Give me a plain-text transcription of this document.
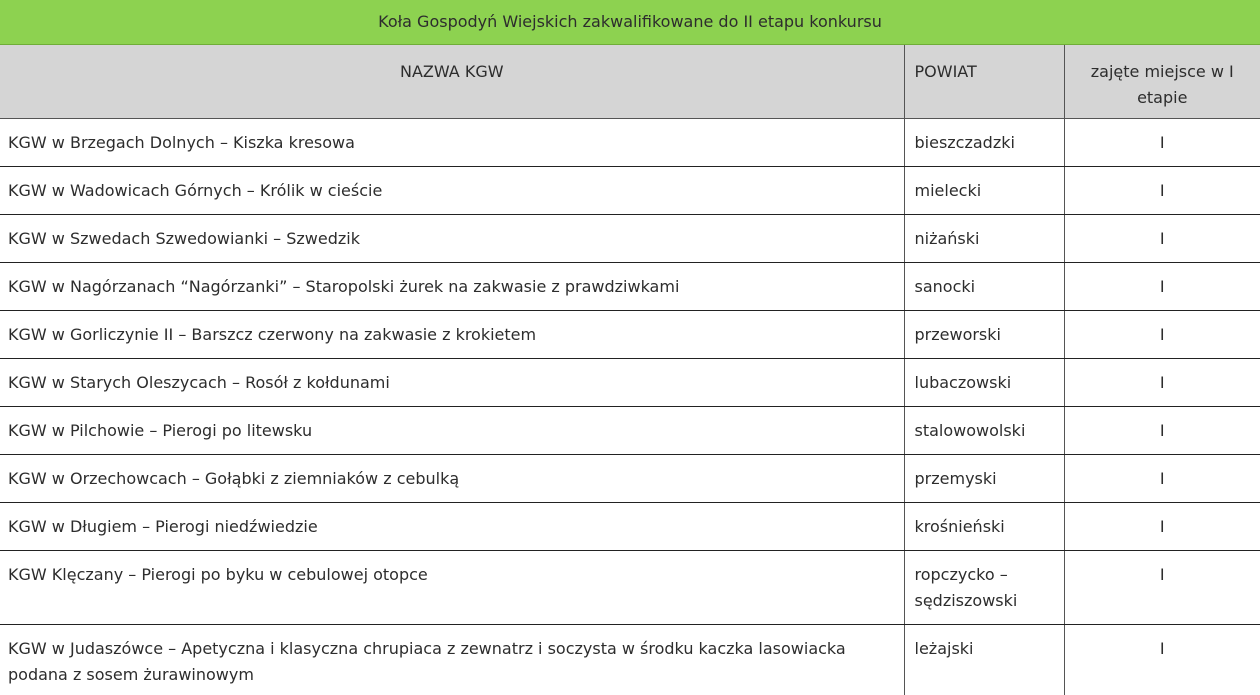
Koła Gospodyń Wiejskich zakwalifikowane do II etapu konkursu
NAZWA KGW	POWIAT	zajęte miejsce w I etapie
KGW w Brzegach Dolnych – Kiszka kresowa	bieszczadzki	I
KGW w Wadowicach Górnych – Królik w cieście	mielecki	I
KGW w Szwedach Szwedowianki – Szwedzik	niżański	I
KGW w Nagórzanach “Nagórzanki” – Staropolski żurek na zakwasie z prawdziwkami	sanocki	I
KGW w Gorliczynie II – Barszcz czerwony na zakwasie z krokietem	przeworski	I
KGW w Starych Oleszycach – Rosół z kołdunami	lubaczowski	I
KGW w Pilchowie – Pierogi po litewsku	stalowowolski	I
KGW w Orzechowcach – Gołąbki z ziemniaków z cebulką	przemyski	I
KGW w Długiem – Pierogi niedźwiedzie	krośnieński	I
KGW Klęczany – Pierogi po byku w cebulowej otopce	ropczycko – sędziszowski	I
KGW w Judaszówce – Apetyczna i klasyczna chrupiaca z zewnatrz i soczysta w środku kaczka lasowiacka podana z sosem żurawinowym	leżajski	I
